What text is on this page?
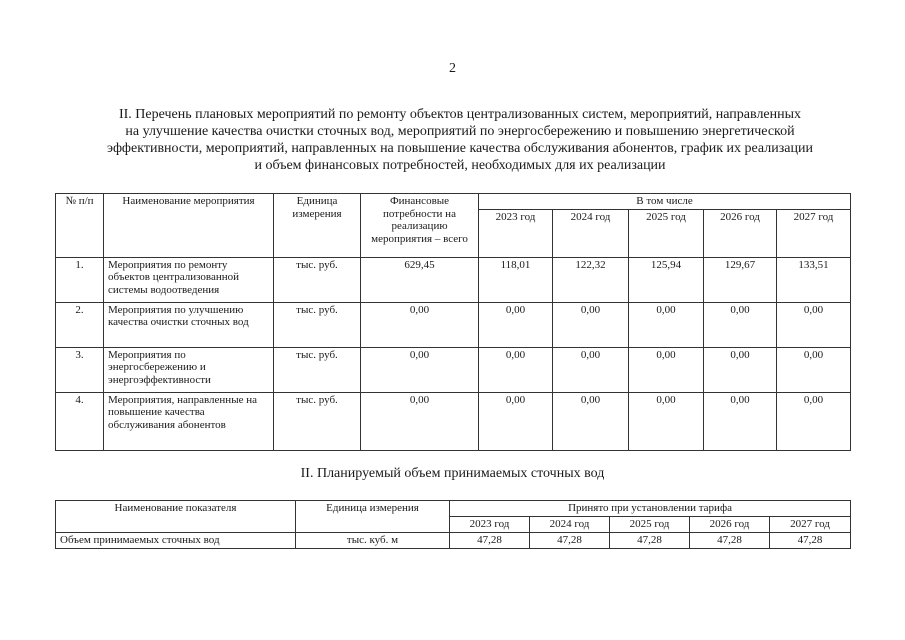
2
II. Перечень плановых мероприятий по ремонту объектов централизованных систем, мероприятий, направленных
на улучшение качества очистки сточных вод, мероприятий по энергосбережению и повышению энергетической
эффективности, мероприятий, направленных на повышение качества обслуживания абонентов, график их реализации
и объем финансовых потребностей, необходимых для их реализации
№ п/п	Наименование мероприятия	Единица измерения	Финансовые потребности на реализацию мероприятия – всего	В том числе				
				2023 год	2024 год	2025 год	2026 год	2027 год
1.	Мероприятия по ремонту объектов централизованной системы водоотведения	тыс. руб.	629,45	118,01	122,32	125,94	129,67	133,51
2.	Мероприятия по улучшению качества очистки сточных вод	тыс. руб.	0,00	0,00	0,00	0,00	0,00	0,00
3.	Мероприятия по энергосбережению и энергоэффективности	тыс. руб.	0,00	0,00	0,00	0,00	0,00	0,00
4.	Мероприятия, направленные на повышение качества обслуживания абонентов	тыс. руб.	0,00	0,00	0,00	0,00	0,00	0,00
II. Планируемый объем принимаемых сточных вод
Наименование показателя	Единица измерения	Принято при установлении тарифа				
		2023 год	2024 год	2025 год	2026 год	2027 год
Объем принимаемых сточных вод	тыс. куб. м	47,28	47,28	47,28	47,28	47,28
